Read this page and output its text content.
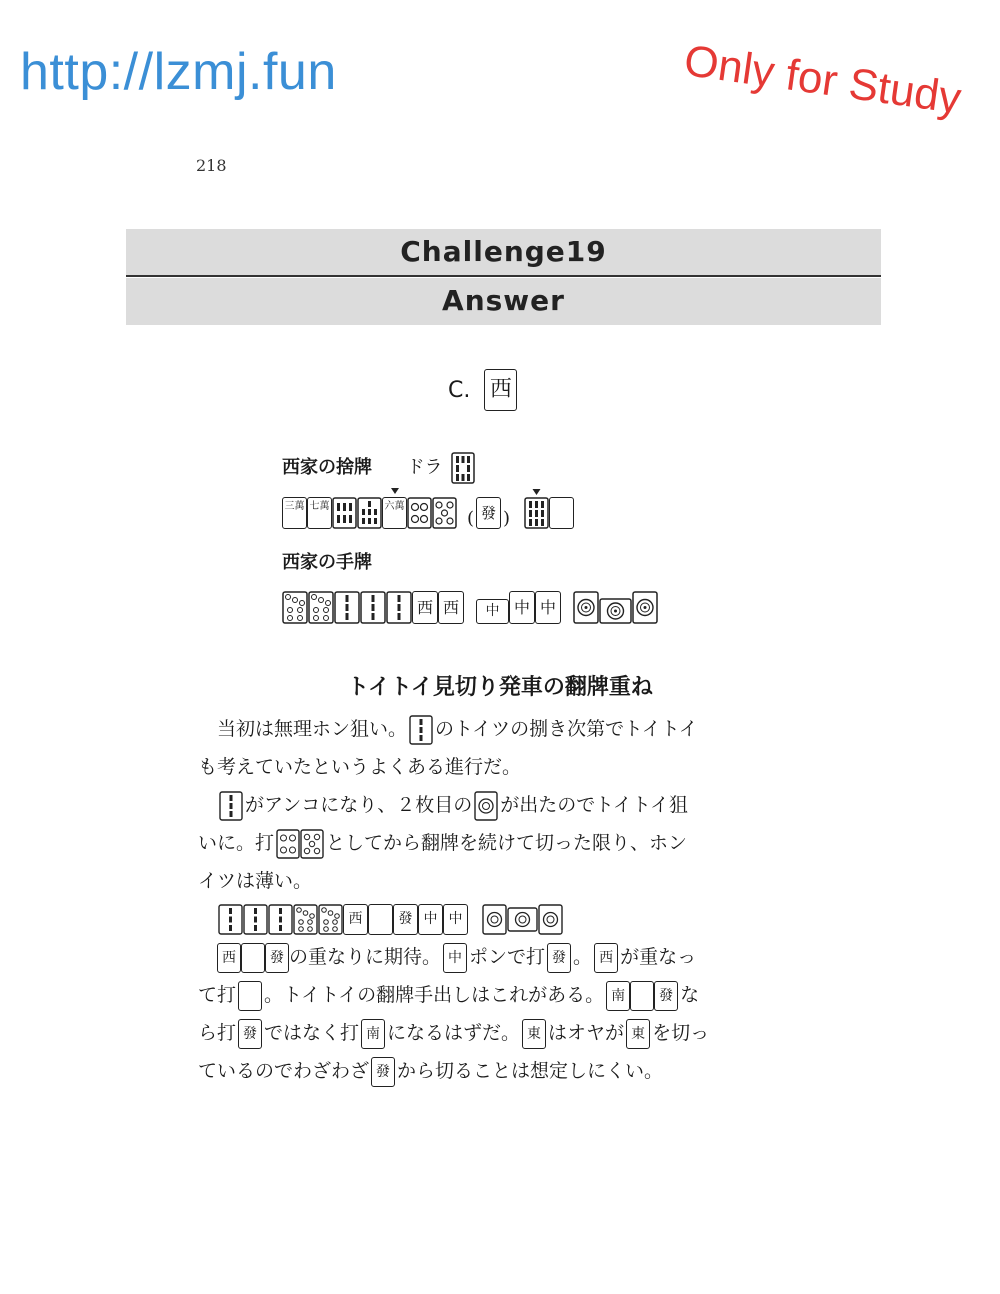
http://lzmj.fun	Only for Study
218
Challenge19
Answer
C. 西
西家の捨牌 ドラ
三萬 七萬	六萬
( 發 )
西家の手牌
西 西	中 中 中
トイトイ見切り発車の翻牌重ね

　当初は無理ホン狙い。 のトイツの捌き次第でトイトイ

も考えていたというよくある進行だ。

　がアンコになり、２枚目の が出たのでトイトイ狙

いに。打	としてから翻牌を続けて切った限り、ホン

イツは薄い。

西	發 中 中

　西 發 の重なりに期待。 中 ポンで打 發 。 西 が重なっ

て打 。トイトイの翻牌手出しはこれがある。 南 發 な

ら打 發 ではなく打 南 になるはずだ。 東 はオヤが 東 を切っ

ているのでわざわざ 發 から切ることは想定しにくい。
